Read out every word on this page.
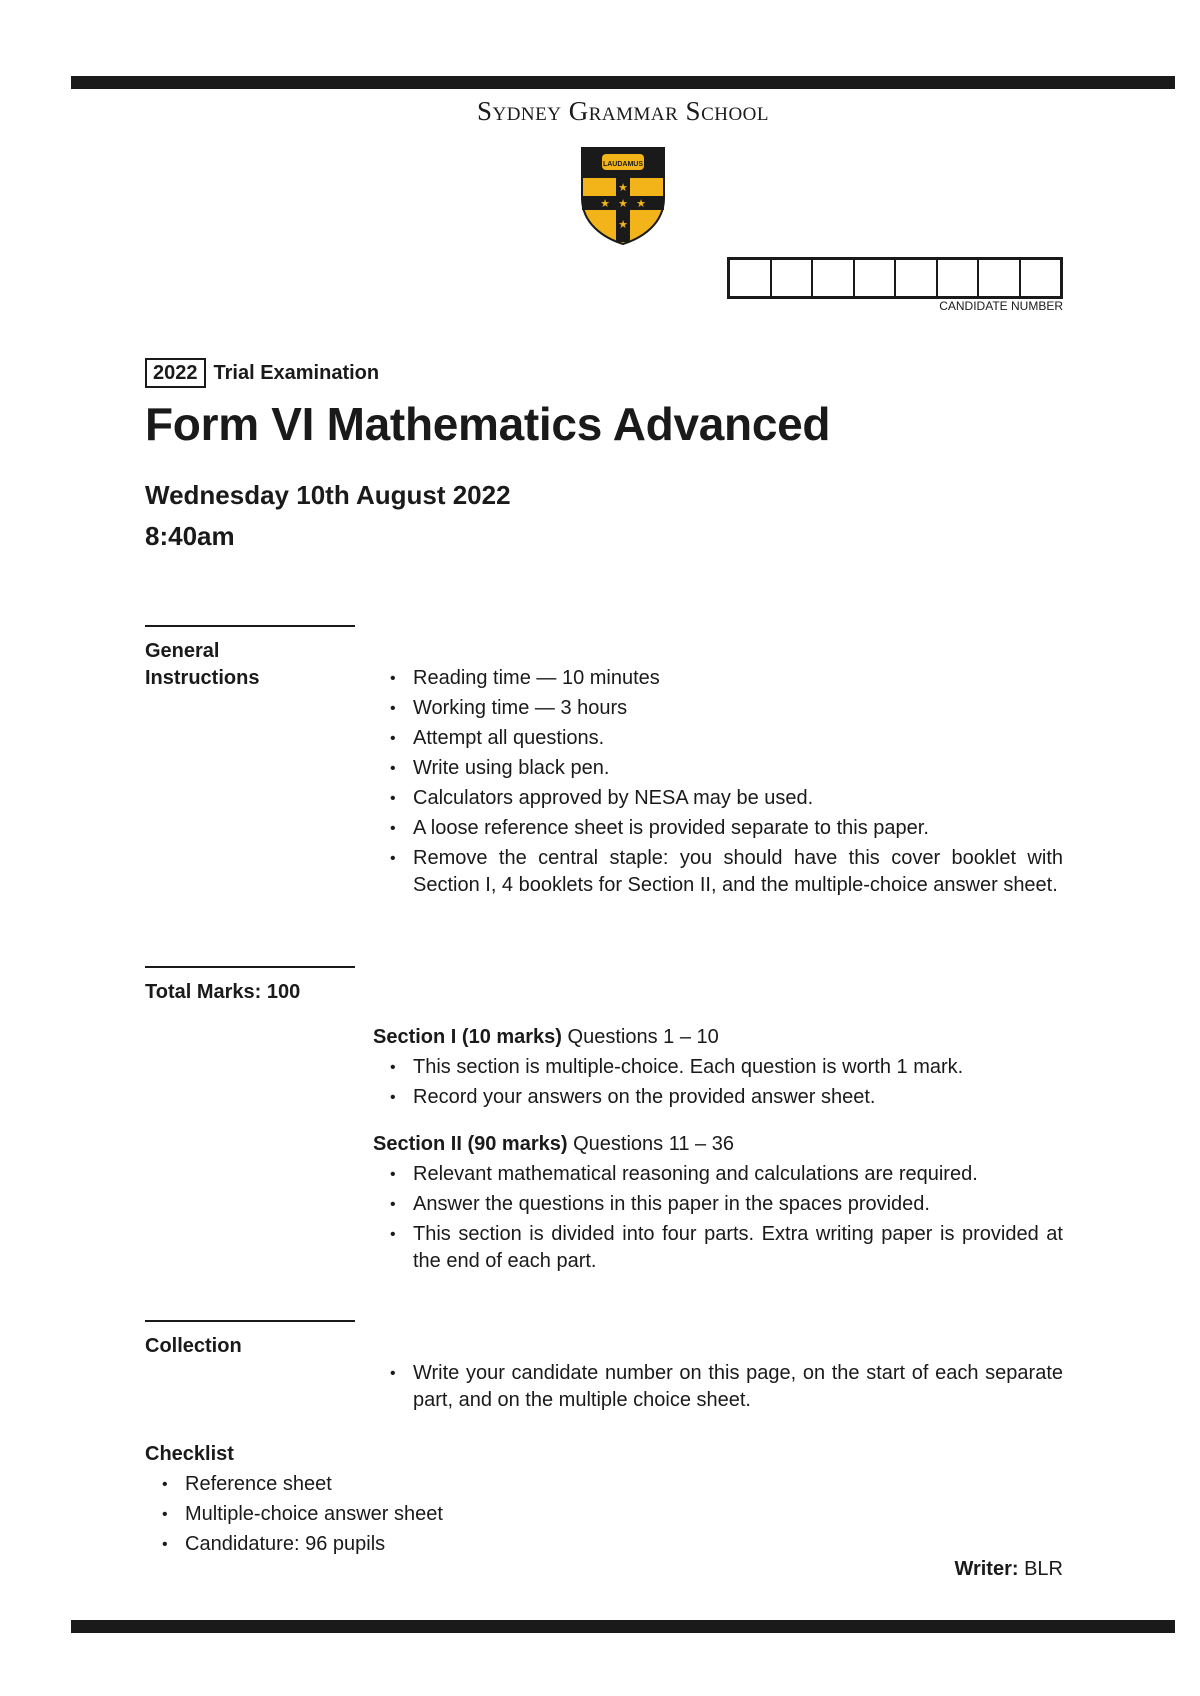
Sydney Grammar School
LAUDAMUS
★
★
★ ★
★
CANDIDATE NUMBER
2022 Trial Examination
Form VI Mathematics Advanced
Wednesday 10th August 2022
8:40am
General
Instructions
•	Reading time — 10 minutes
• Working time — 3 hours
• Attempt all questions.
• Write using black pen.
• Calculators approved by NESA may be used.
• A loose reference sheet is provided separate to this paper.
• Remove the central staple: you should have this cover booklet with Section I, 4 booklets for Section II, and the multiple-choice answer sheet.
Total Marks: 100
Section I (10 marks) Questions 1 – 10
• This section is multiple-choice. Each question is worth 1 mark.
• Record your answers on the provided answer sheet.
Section II (90 marks) Questions 11 – 36
• Relevant mathematical reasoning and calculations are required.
• Answer the questions in this paper in the spaces provided.
• This section is divided into four parts. Extra writing paper is provided at the end of each part.
Collection
• Write your candidate number on this page, on the start of each separate part, and on the multiple choice sheet.
Checklist
• Reference sheet
• Multiple-choice answer sheet
• Candidature: 96 pupils
Writer: BLR
